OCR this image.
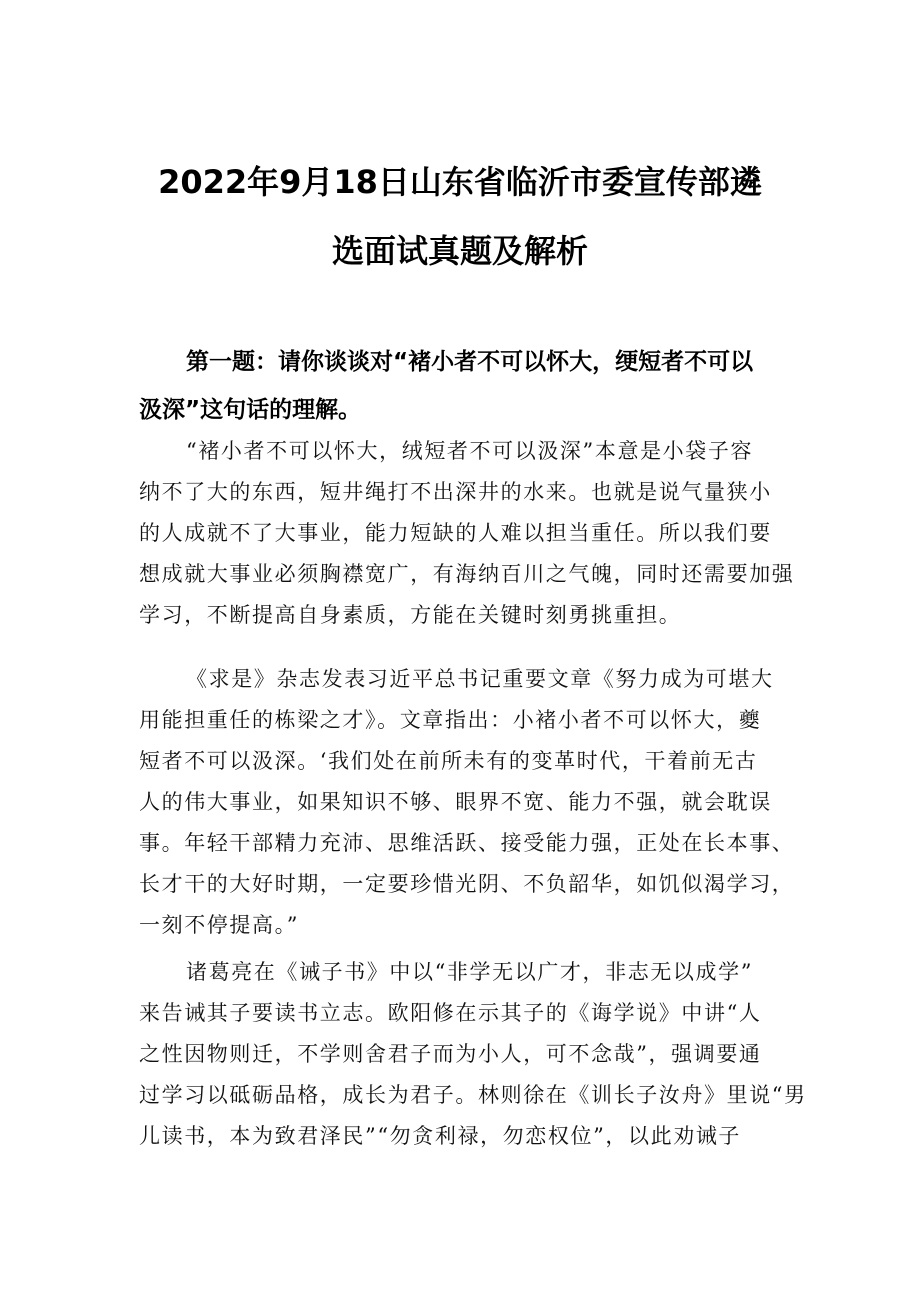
2022年9月18日山东省临沂市委宣传部遴
选面试真题及解析
第一题：请你谈谈对“褚小者不可以怀大，绠短者不可以
汲深”这句话的理解。
“褚小者不可以怀大，绒短者不可以汲深”本意是小袋子容
纳不了大的东西，短井绳打不出深井的水来。也就是说气量狭小
的人成就不了大事业，能力短缺的人难以担当重任。所以我们要
想成就大事业必须胸襟宽广，有海纳百川之气魄，同时还需要加强
学习，不断提高自身素质，方能在关键时刻勇挑重担。
《求是》杂志发表习近平总书记重要文章《努力成为可堪大
用能担重任的栋梁之才》。文章指出：小褚小者不可以怀大，夔
短者不可以汲深。‘我们处在前所未有的变革时代，干着前无古
人的伟大事业，如果知识不够、眼界不宽、能力不强，就会耽误
事。年轻干部精力充沛、思维活跃、接受能力强，正处在长本事、
长才干的大好时期，一定要珍惜光阴、不负韶华，如饥似渴学习，
一刻不停提高。”
诸葛亮在《诫子书》中以“非学无以广才，非志无以成学”
来告诫其子要读书立志。欧阳修在示其子的《诲学说》中讲“人
之性因物则迁，不学则舍君子而为小人，可不念哉”，强调要通
过学习以砥砺品格，成长为君子。林则徐在《训长子汝舟》里说“男
儿读书，本为致君泽民”“勿贪利禄，勿恋权位”，以此劝诫子
